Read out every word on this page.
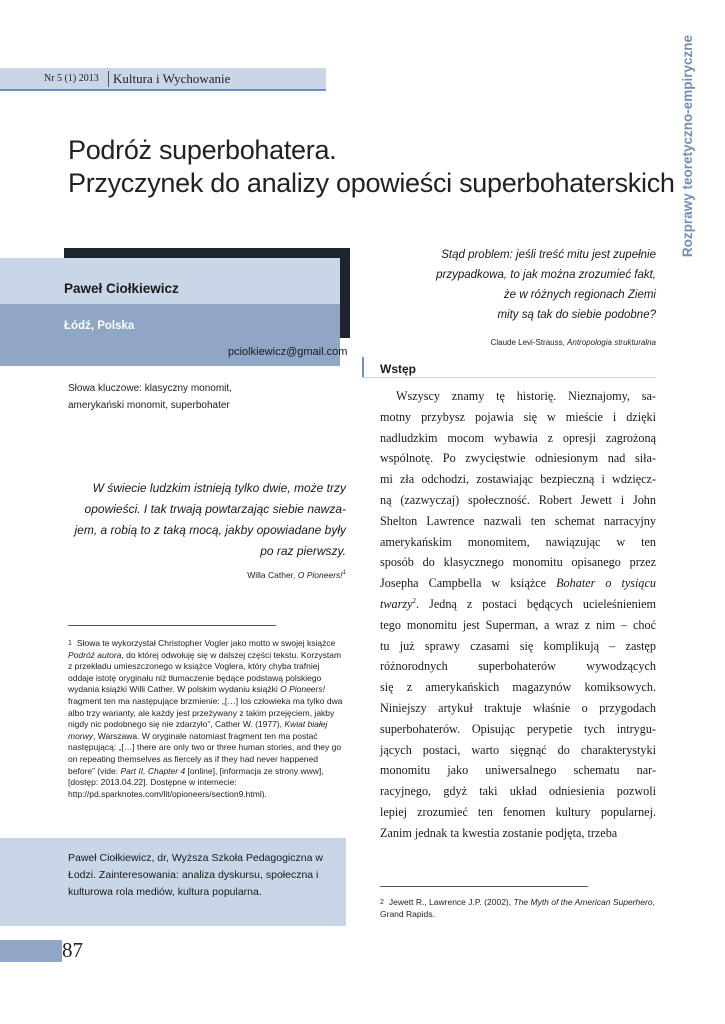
Nr 5 (1) 2013 Kultura i Wychowanie	Rozprawy teoretyczno-empiryczne
Podróż superbohatera.
Przyczynek do analizy opowieści superbohaterskich
Paweł Ciołkiewicz
Łódź, Polska
pciolkiewicz@gmail.com
Słowa kluczowe: klasyczny monomit,
amerykański monomit, superbohater
W świecie ludzkim istnieją tylko dwie, może trzy
opowieści. I tak trwają powtarzając siebie nawza-
jem, a robią to z taką mocą, jakby opowiadane były
po raz pierwszy.
Willa Cather, O Pioneers!$^1$
$^1$ Słowa te wykorzystał Christopher Vogler jako motto w swojej książce Podróż autora, do której odwołuję się w dalszej części tekstu. Korzystam z przekładu umieszczonego w książce Voglera, który chyba trafniej oddaje istotę oryginału niż tłumaczenie będące podstawą polskiego wydania książki Willi Cather. W polskim wydaniu książki O Pioneers! fragment ten ma następujące brzmienie: „[…] los człowieka ma tylko dwa albo trzy warianty, ale każdy jest przeżywany z takim przejęciem, jakby nigdy nic podobnego się nie zdarzyło”, Cather W. (1977), Kwiat białej morwy, Warszawa. W oryginale natomiast fragment ten ma postać następującą: „[…] there are only two or three human stories, and they go on repeating themselves as fiercely as if they had never happened before” (vide: Part II, Chapter 4 [online], [informacja ze strony www], [dostęp: 2013.04.22]. Dostępne w internecie: http://pd.sparknotes.com/lit/opioneers/section9.html).
Paweł Ciołkiewicz, dr, Wyższa Szkoła Pedagogiczna w Łodzi. Zainteresowania: analiza dyskursu, społeczna i kulturowa rola mediów, kultura popularna.
87
Stąd problem: jeśli treść mitu jest zupełnie
przypadkowa, to jak można zrozumieć fakt,
że w różnych regionach Ziemi
mity są tak do siebie podobne?
Claude Levi-Strauss, Antropologia strukturalna
Wstęp
Wszyscy znamy tę historię. Nieznajomy, sa-
motny przybysz pojawia się w mieście i dzięki
nadludzkim mocom wybawia z opresji zagrożoną
wspólnotę. Po zwycięstwie odniesionym nad siła-
mi zła odchodzi, zostawiając bezpieczną i wdzięcz-
ną (zazwyczaj) społeczność. Robert Jewett i John
Shelton Lawrence nazwali ten schemat narracyjny
amerykańskim monomitem, nawiązując w ten
sposób do klasycznego monomitu opisanego przez
Josepha Campbella w książce Bohater o tysiącu
twarzy$^2$. Jedną z postaci będących ucieleśnieniem
tego monomitu jest Superman, a wraz z nim – choć
tu już sprawy czasami się komplikują – zastęp
różnorodnych superbohaterów wywodzących
się z amerykańskich magazynów komiksowych.
Niniejszy artykuł traktuje właśnie o przygodach
superbohaterów. Opisując perypetie tych intrygu-
jących postaci, warto sięgnąć do charakterystyki
monomitu jako uniwersalnego schematu nar-
racyjnego, gdyż taki układ odniesienia pozwoli
lepiej zrozumieć ten fenomen kultury popularnej.
Zanim jednak ta kwestia zostanie podjęta, trzeba
$^2$ Jewett R., Lawrence J.P. (2002), The Myth of the American Superhero, Grand Rapids.
